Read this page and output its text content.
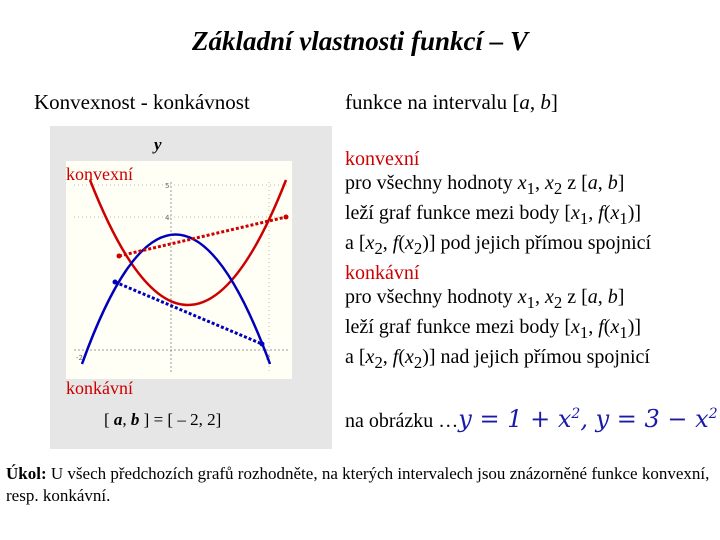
Základní vlastnosti funkcí – V
Konvexnost - konkávnost	funkce na intervalu [a, b]
-2	2
4
5
y
konvexní
konkávní
[ a, b ] = [ – 2, 2]
konvexní
pro všechny hodnoty $x_1$, $x_2$ z [a, b]
leží graf funkce mezi body [$x_1$, $f(x_1)$]
a [$x_2$, $f(x_2)$] pod jejich přímou spojnicí
konkávní
pro všechny hodnoty $x_1$, $x_2$ z [a, b]
leží graf funkce mezi body [$x_1$, $f(x_1)$]
a [$x_2$, $f(x_2)$] nad jejich přímou spojnicí
na obrázku …y = $1 + x^2$, $y = 3 - x^2$
Úkol: U všech předchozích grafů rozhodněte, na kterých intervalech jsou znázorněné funkce konvexní, resp. konkávní.
